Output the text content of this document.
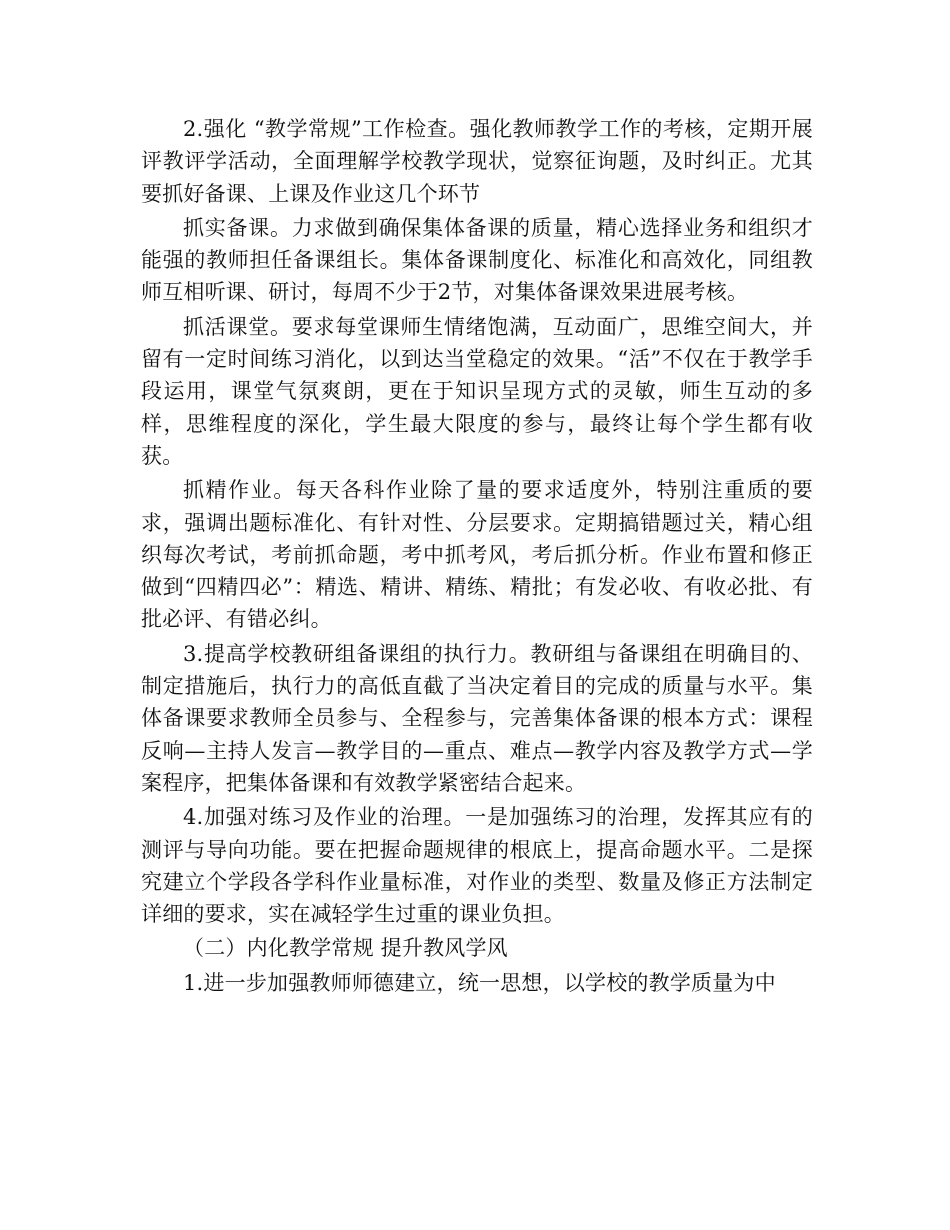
2.强化 “教学常规”工作检查。强化教师教学工作的考核，定期开展评教评学活动，全面理解学校教学现状，觉察征询题，及时纠正。尤其要抓好备课、上课及作业这几个环节

抓实备课。力求做到确保集体备课的质量，精心选择业务和组织才能强的教师担任备课组长。集体备课制度化、标准化和高效化，同组教师互相听课、研讨，每周不少于2节，对集体备课效果进展考核。

抓活课堂。要求每堂课师生情绪饱满，互动面广，思维空间大，并留有一定时间练习消化，以到达当堂稳定的效果。“活”不仅在于教学手段运用，课堂气氛爽朗，更在于知识呈现方式的灵敏，师生互动的多样，思维程度的深化，学生最大限度的参与，最终让每个学生都有收获。

抓精作业。每天各科作业除了量的要求适度外，特别注重质的要求，强调出题标准化、有针对性、分层要求。定期搞错题过关，精心组织每次考试，考前抓命题，考中抓考风，考后抓分析。作业布置和修正做到“四精四必”：精选、精讲、精练、精批；有发必收、有收必批、有批必评、有错必纠。

3.提高学校教研组备课组的执行力。教研组与备课组在明确目的、制定措施后，执行力的高低直截了当决定着目的完成的质量与水平。集体备课要求教师全员参与、全程参与，完善集体备课的根本方式：课程反响—主持人发言—教学目的—重点、难点—教学内容及教学方式—学案程序，把集体备课和有效教学紧密结合起来。

4.加强对练习及作业的治理。一是加强练习的治理，发挥其应有的测评与导向功能。要在把握命题规律的根底上，提高命题水平。二是探究建立个学段各学科作业量标准，对作业的类型、数量及修正方法制定详细的要求，实在减轻学生过重的课业负担。

（二）内化教学常规 提升教风学风

1.进一步加强教师师德建立，统一思想，以学校的教学质量为中
